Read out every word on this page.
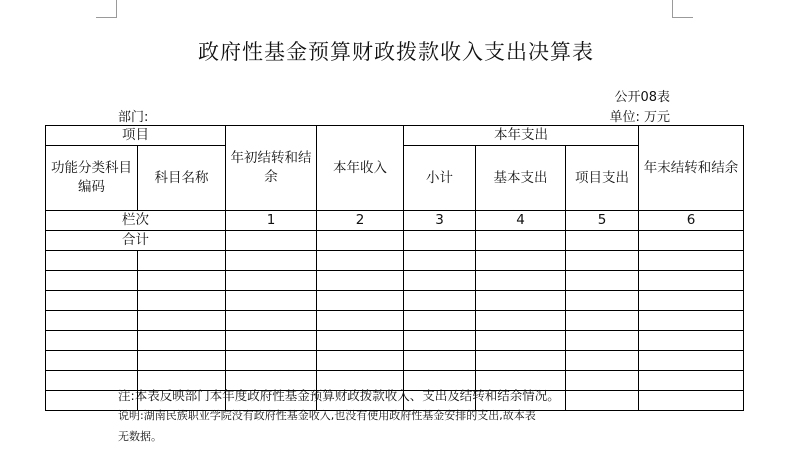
政府性基金预算财政拨款收入支出决算表
公开08表
部门:	单位: 万元
项目		年初结转和结余	本年收入	本年支出			年末结转和结余
功能分类科目编码	科目名称			小计	基本支出	项目支出	
栏次		1	2	3	4	5	6
合计							

注:本表反映部门本年度政府性基金预算财政拨款收入、支出及结转和结余情况。
说明:湖南民族职业学院没有政府性基金收入,也没有使用政府性基金安排的支出,故本表
无数据。
